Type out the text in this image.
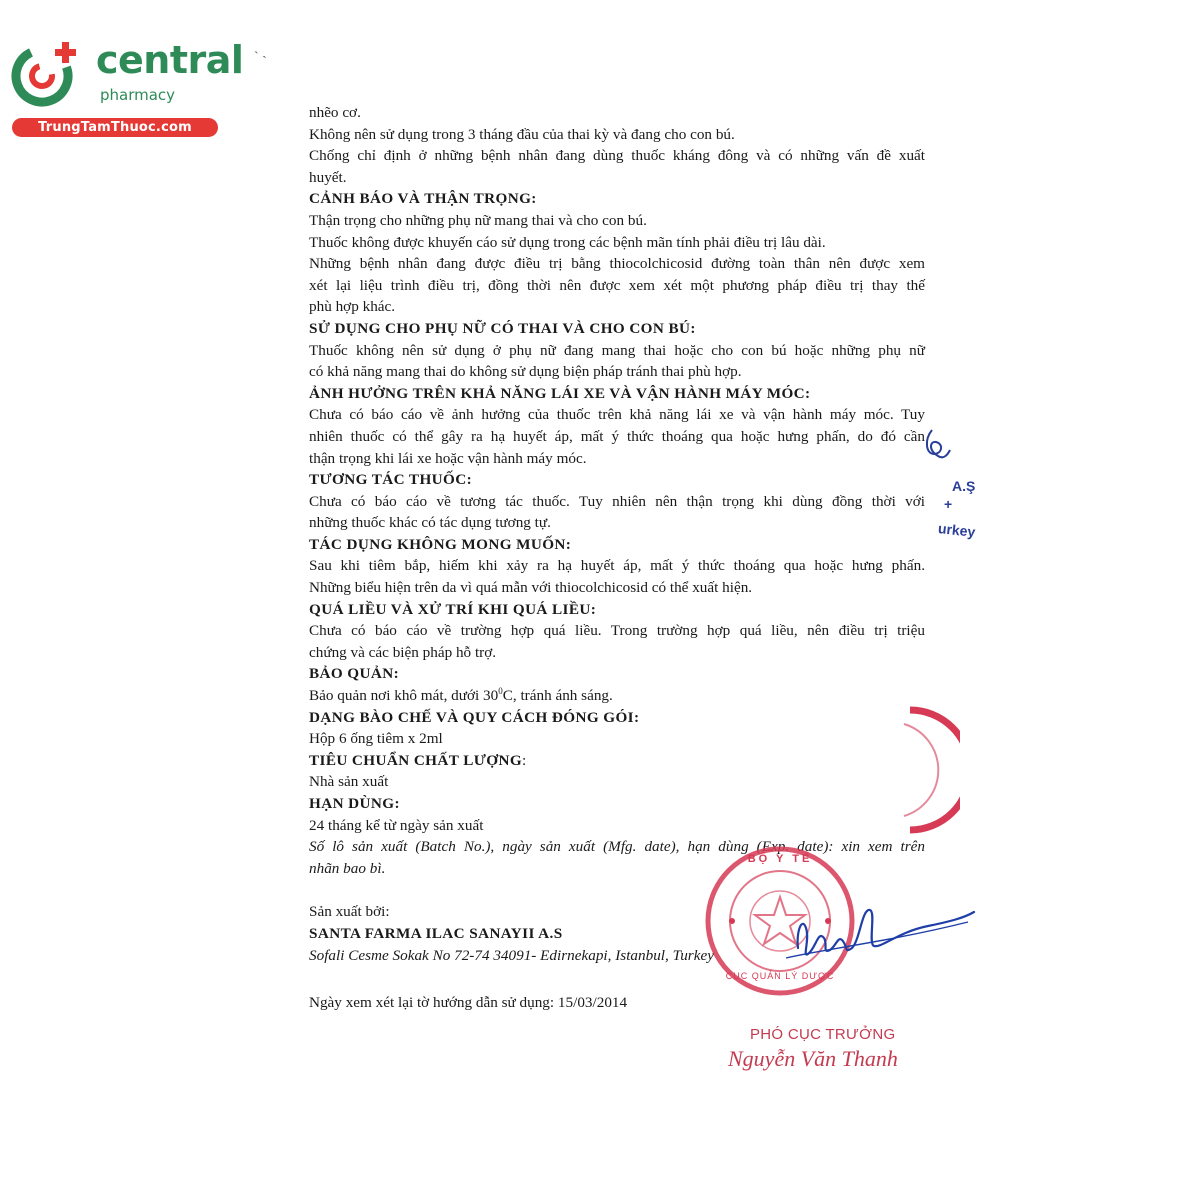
central
pharmacy
TrungTamThuoc.com
˴ ˏ
nhẽo cơ.
Không nên sử dụng trong 3 tháng đầu của thai kỳ và đang cho con bú.
Chống chỉ định ở những bệnh nhân đang dùng thuốc kháng đông và có những vấn đề xuất
huyết.
CẢNH BÁO VÀ THẬN TRỌNG:
Thận trọng cho những phụ nữ mang thai và cho con bú.
Thuốc không được khuyến cáo sử dụng trong các bệnh mãn tính phải điều trị lâu dài.
Những bệnh nhân đang được điều trị bằng thiocolchicosid đường toàn thân nên được xem
xét lại liệu trình điều trị, đồng thời nên được xem xét một phương pháp điều trị thay thế
phù hợp khác.
SỬ DỤNG CHO PHỤ NỮ CÓ THAI VÀ CHO CON BÚ:
Thuốc không nên sử dụng ở phụ nữ đang mang thai hoặc cho con bú hoặc những phụ nữ
có khả năng mang thai do không sử dụng biện pháp tránh thai phù hợp.
ẢNH HƯỞNG TRÊN KHẢ NĂNG LÁI XE VÀ VẬN HÀNH MÁY MÓC:
Chưa có báo cáo về ảnh hưởng của thuốc trên khả năng lái xe và vận hành máy móc. Tuy
nhiên thuốc có thể gây ra hạ huyết áp, mất ý thức thoáng qua hoặc hưng phấn, do đó cần
thận trọng khi lái xe hoặc vận hành máy móc.
TƯƠNG TÁC THUỐC:
Chưa có báo cáo về tương tác thuốc. Tuy nhiên nên thận trọng khi dùng đồng thời với
những thuốc khác có tác dụng tương tự.
TÁC DỤNG KHÔNG MONG MUỐN:
Sau khi tiêm bắp, hiếm khi xảy ra hạ huyết áp, mất ý thức thoáng qua hoặc hưng phấn.
Những biểu hiện trên da vì quá mẫn với thiocolchicosid có thể xuất hiện.
QUÁ LIỀU VÀ XỬ TRÍ KHI QUÁ LIỀU:
Chưa có báo cáo về trường hợp quá liều. Trong trường hợp quá liều, nên điều trị triệu
chứng và các biện pháp hỗ trợ.
BẢO QUẢN:
Bảo quản nơi khô mát, dưới $30^0C$, tránh ánh sáng.
DẠNG BÀO CHẾ VÀ QUY CÁCH ĐÓNG GÓI:
Hộp 6 ống tiêm x 2ml
TIÊU CHUẨN CHẤT LƯỢNG:
Nhà sản xuất
HẠN DÙNG:
24 tháng kể từ ngày sản xuất
Số lô sản xuất (Batch No.), ngày sản xuất (Mfg. date), hạn dùng (Exp. date): xin xem trên
nhãn bao bì.
Sản xuất bởi:
SANTA FARMA ILAC SANAYII A.S
Sofali Cesme Sokak No 72-74 34091- Edirnekapi, Istanbul, Turkey
Ngày xem xét lại tờ hướng dẫn sử dụng: 15/03/2014
A.Ş
+
urkey
BỘ Y TẾ
CỤC QUẢN LÝ DƯỢC
PHÓ CỤC TRƯỞNG
Nguyễn Văn Thanh
